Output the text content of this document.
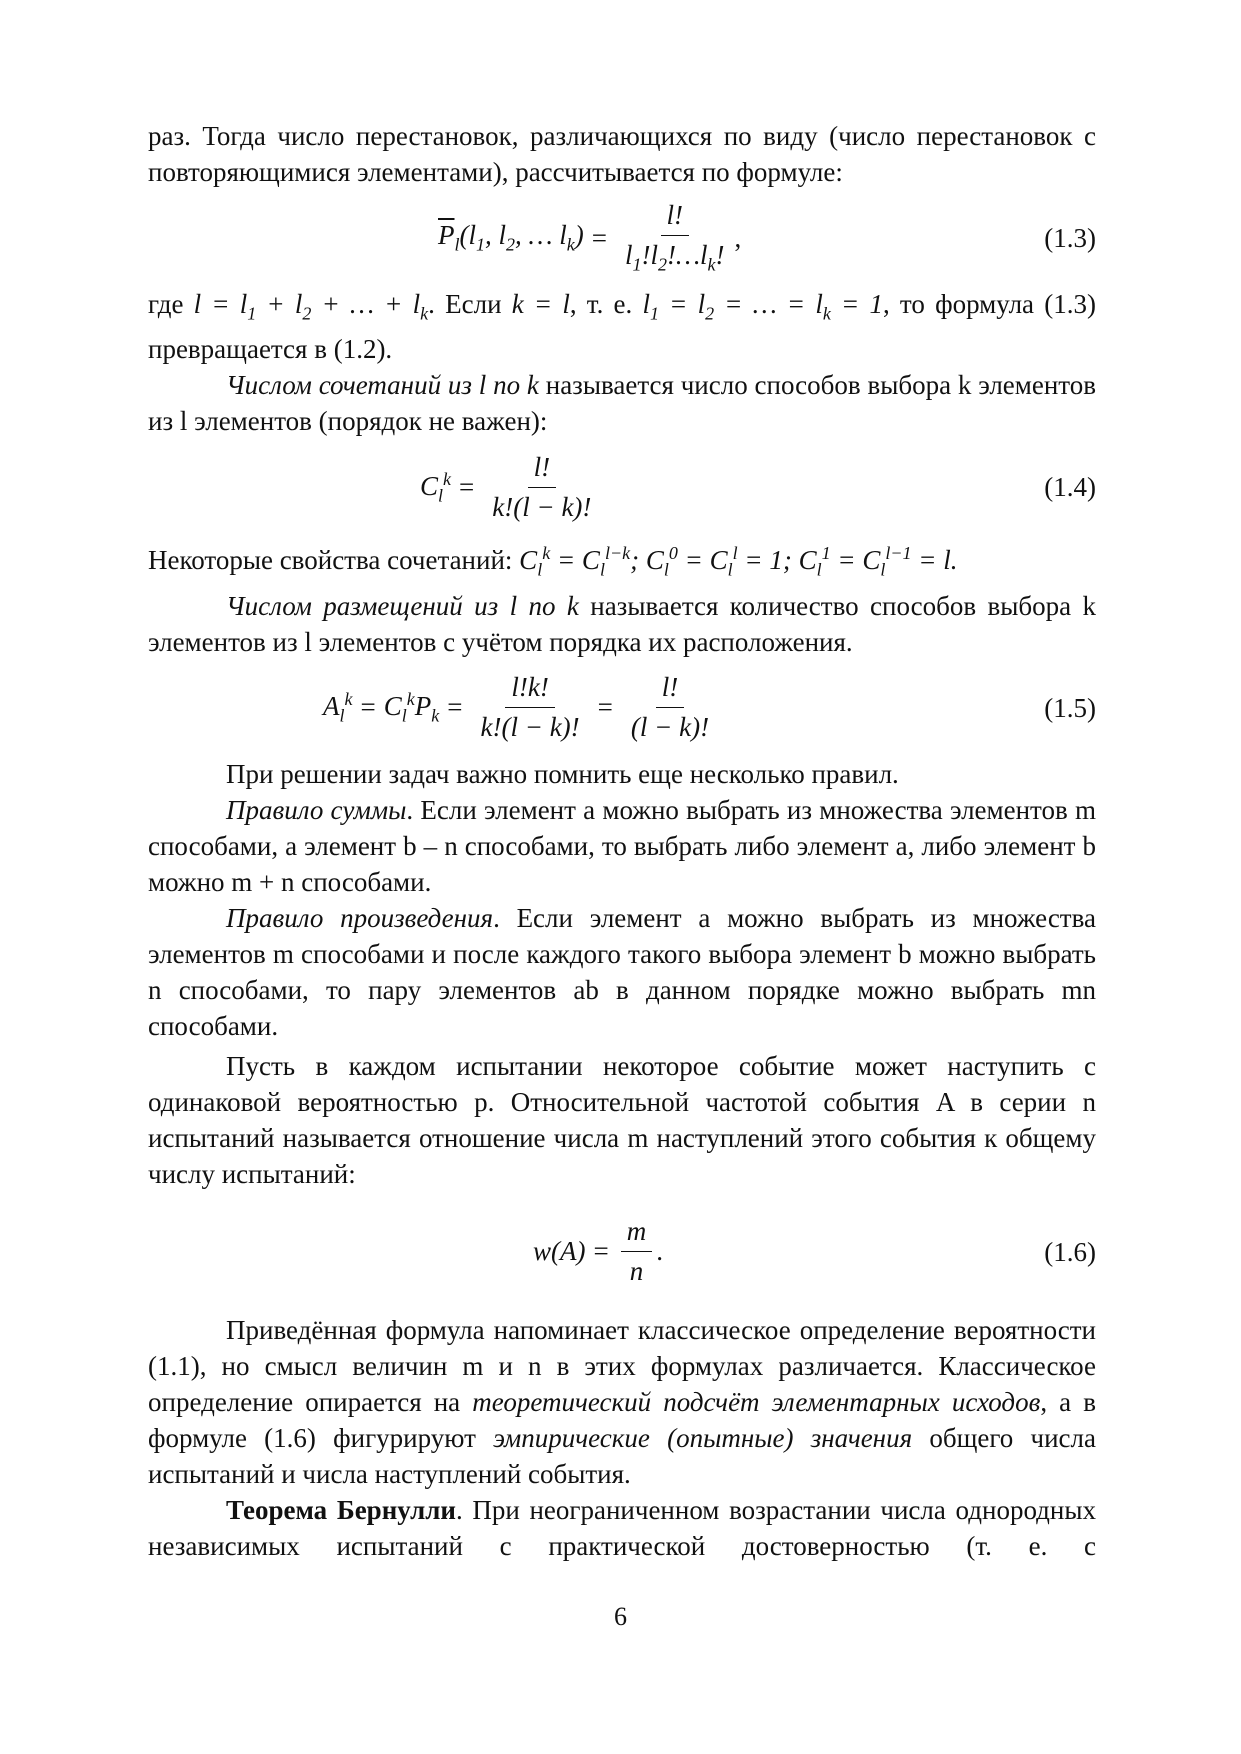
раз. Тогда число перестановок, различающихся по виду (число перестановок с повторяющимися элементами), рассчитывается по формуле:

$\overline{P}_l(l_1$, $l_2$, … $l_k) = \frac{l!}{l_1!l_2!\dots l_k!}$ ,	(1.3)

где $l = l_1 + l_2$ + … + $l_k$. Если k = l, т. е. $l_1 = l_2$ = … = $l_k = 1$, то формула (1.3) превращается в (1.2).

Числом сочетаний из l по k называется число способов выбора k элементов из l элементов (порядок не важен):

$C_l^k = \frac{l!}{k!(l - k)!}$	(1.4)

Некоторые свойства сочетаний: $C_l^k = C_l^{l-k}$; $C_l^0 = C_l^l = 1$; $C_l^1 = C_l^{l-1} = l$.

Числом размещений из l по k называется количество способов выбора k элементов из l элементов с учётом порядка их расположения.

$A_l^k = C_l^kP_k = \frac{l!k!}{k!(l - k)!} = \frac{l!}{(l - k)!}$	(1.5)

При решении задач важно помнить еще несколько правил.

Правило суммы. Если элемент a можно выбрать из множества элементов m способами, а элемент b – n способами, то выбрать либо элемент a, либо элемент b можно m + n способами.

Правило произведения. Если элемент a можно выбрать из множества элементов m способами и после каждого такого выбора элемент b можно выбрать n способами, то пару элементов ab в данном порядке можно выбрать mn способами.

Пусть в каждом испытании некоторое событие может наступить с одинаковой вероятностью p. Относительной частотой события A в серии n испытаний называется отношение числа m наступлений этого события к общему числу испытаний:

$w(A) = \frac{m}{n}$ .	(1.6)

Приведённая формула напоминает классическое определение вероятности (1.1), но смысл величин m и n в этих формулах различается. Классическое определение опирается на теоретический подсчёт элементарных исходов, а в формуле (1.6) фигурируют эмпирические (опытные) значения общего числа испытаний и числа наступлений события.

Теорема Бернулли. При неограниченном возрастании числа однородных независимых испытаний с практической достоверностью (т. е. с

6
